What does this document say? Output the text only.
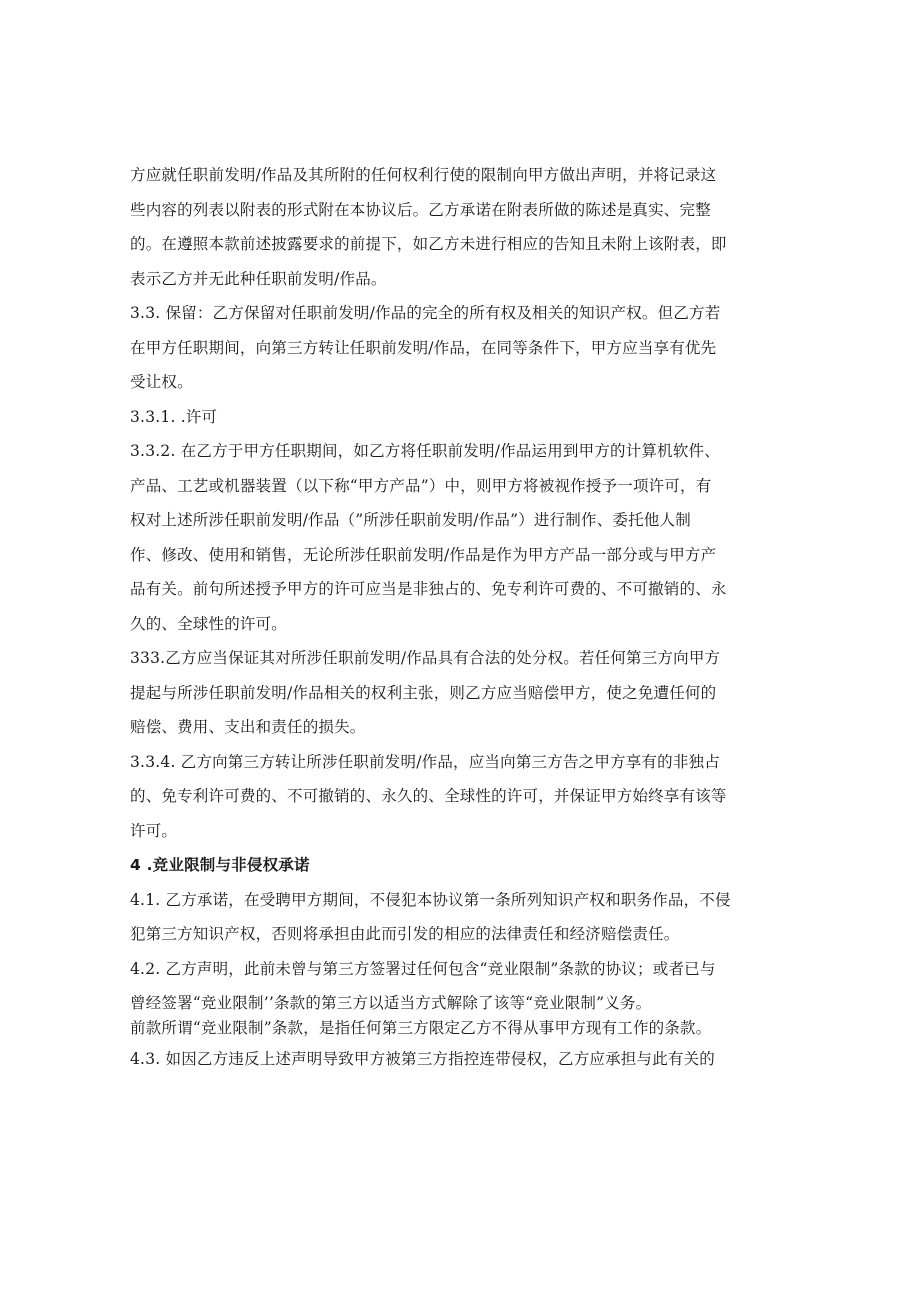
方应就任职前发明/作品及其所附的任何权利行使的限制向甲方做出声明，并将记录这
些内容的列表以附表的形式附在本协议后。乙方承诺在附表所做的陈述是真实、完整
的。在遵照本款前述披露要求的前提下，如乙方未进行相应的告知且未附上该附表，即
表示乙方并无此种任职前发明/作品。
3.3. 保留：乙方保留对任职前发明/作品的完全的所有权及相关的知识产权。但乙方若
在甲方任职期间，向第三方转让任职前发明/作品，在同等条件下，甲方应当享有优先
受让权。
3.3.1. .许可
3.3.2. 在乙方于甲方任职期间，如乙方将任职前发明/作品运用到甲方的计算机软件、
产品、工艺或机器装置（以下称“甲方产品”）中，则甲方将被视作授予一项许可，有
权对上述所涉任职前发明/作品（”所涉任职前发明/作品”）进行制作、委托他人制
作、修改、使用和销售，无论所涉任职前发明/作品是作为甲方产品一部分或与甲方产
品有关。前句所述授予甲方的许可应当是非独占的、免专利许可费的、不可撤销的、永
久的、全球性的许可。
333.乙方应当保证其对所涉任职前发明/作品具有合法的处分权。若任何第三方向甲方
提起与所涉任职前发明/作品相关的权利主张，则乙方应当赔偿甲方，使之免遭任何的
赔偿、费用、支出和责任的损失。
3.3.4. 乙方向第三方转让所涉任职前发明/作品，应当向第三方告之甲方享有的非独占
的、免专利许可费的、不可撤销的、永久的、全球性的许可，并保证甲方始终享有该等
许可。
4 .竞业限制与非侵权承诺
4.1. 乙方承诺，在受聘甲方期间，不侵犯本协议第一条所列知识产权和职务作品，不侵
犯第三方知识产权，否则将承担由此而引发的相应的法律责任和经济赔偿责任。
4.2. 乙方声明，此前未曾与第三方签署过任何包含“竞业限制”条款的协议；或者已与
曾经签署“竞业限制’’条款的第三方以适当方式解除了该等“竞业限制”义务。
前款所谓“竞业限制”条款，是指任何第三方限定乙方不得从事甲方现有工作的条款。
4.3. 如因乙方违反上述声明导致甲方被第三方指控连带侵权，乙方应承担与此有关的
